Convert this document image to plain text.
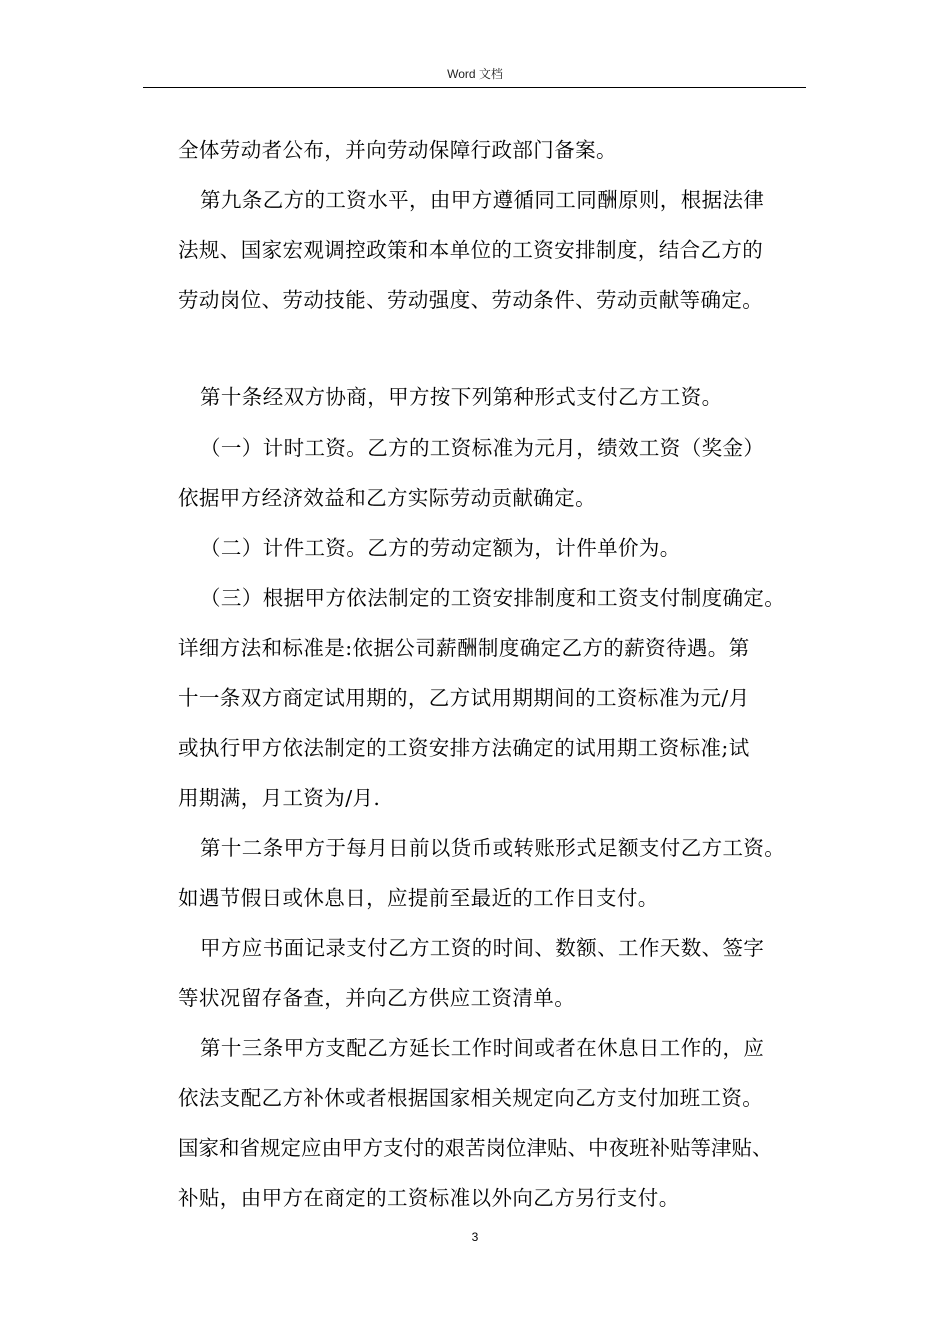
Word 文档
全体劳动者公布，并向劳动保障行政部门备案。
第九条乙方的工资水平，由甲方遵循同工同酬原则，根据法律
法规、国家宏观调控政策和本单位的工资安排制度，结合乙方的
劳动岗位、劳动技能、劳动强度、劳动条件、劳动贡献等确定。
第十条经双方协商，甲方按下列第种形式支付乙方工资。
（一）计时工资。乙方的工资标准为元月，绩效工资（奖金）
依据甲方经济效益和乙方实际劳动贡献确定。
（二）计件工资。乙方的劳动定额为，计件单价为。
（三）根据甲方依法制定的工资安排制度和工资支付制度确定。
详细方法和标准是:依据公司薪酬制度确定乙方的薪资待遇。第
十一条双方商定试用期的，乙方试用期期间的工资标准为元/月
或执行甲方依法制定的工资安排方法确定的试用期工资标准;试
用期满，月工资为/月.
第十二条甲方于每月日前以货币或转账形式足额支付乙方工资。
如遇节假日或休息日，应提前至最近的工作日支付。
甲方应书面记录支付乙方工资的时间、数额、工作天数、签字
等状况留存备查，并向乙方供应工资清单。
第十三条甲方支配乙方延长工作时间或者在休息日工作的，应
依法支配乙方补休或者根据国家相关规定向乙方支付加班工资。
国家和省规定应由甲方支付的艰苦岗位津贴、中夜班补贴等津贴、
补贴，由甲方在商定的工资标准以外向乙方另行支付。
3
